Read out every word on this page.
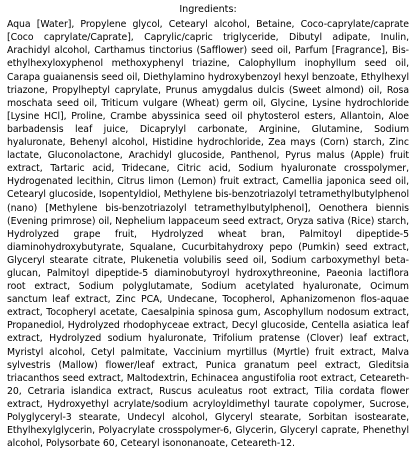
Ingredients:

Aqua [Water], Propylene glycol, Cetearyl alcohol, Betaine, Coco-caprylate/caprate [Coco caprylate/Caprate], Caprylic/capric triglyceride, Dibutyl adipate, Inulin, Arachidyl alcohol, Carthamus tinctorius (Safflower) seed oil, Parfum [Fragrance], Bis- ethylhexyloxyphenol methoxyphenyl triazine, Calophyllum inophyllum seed oil, Carapa guaianensis seed oil, Diethylamino hydroxybenzoyl hexyl benzoate, Ethylhexyl triazone, Propylheptyl caprylate, Prunus amygdalus dulcis (Sweet almond) oil, Rosa moschata seed oil, Triticum vulgare (Wheat) germ oil, Glycine, Lysine hydrochloride [Lysine HCl], Proline, Crambe abyssinica seed oil phytosterol esters, Allantoin, Aloe barbadensis leaf juice, Dicaprylyl carbonate, Arginine, Glutamine, Sodium hyaluronate, Behenyl alcohol, Histidine hydrochloride, Zea mays (Corn) starch, Zinc lactate, Gluconolactone, Arachidyl glucoside, Panthenol, Pyrus malus (Apple) fruit extract, Tartaric acid, Tridecane, Citric acid, Sodium hyaluronate crosspolymer, Hydrogenated lecithin, Citrus limon (Lemon) fruit extract, Camellia japonica seed oil, Cetearyl glucoside, Isopentyldiol, Methylene bis-benzotriazolyl tetramethylbutylphenol (nano) [Methylene bis-benzotriazolyl tetramethylbutylphenol], Oenothera biennis (Evening primrose) oil, Nephelium lappaceum seed extract, Oryza sativa (Rice) starch, Hydrolyzed grape fruit, Hydrolyzed wheat bran, Palmitoyl dipeptide-5 diaminohydroxybutyrate, Squalane, Cucurbitahydroxy pepo (Pumkin) seed extract, Glyceryl stearate citrate, Plukenetia volubilis seed oil, Sodium carboxymethyl beta-glucan, Palmitoyl dipeptide-5 diaminobutyroyl hydroxythreonine, Paeonia lactiflora root extract, Sodium polyglutamate, Sodium acetylated hyaluronate, Ocimum sanctum leaf extract, Zinc PCA, Undecane, Tocopherol, Aphanizomenon flos-aquae extract, Tocopheryl acetate, Caesalpinia spinosa gum, Ascophyllum nodosum extract, Propanediol, Hydrolyzed rhodophyceae extract, Decyl glucoside, Centella asiatica leaf extract, Hydrolyzed sodium hyaluronate, Trifolium pratense (Clover) leaf extract, Myristyl alcohol, Cetyl palmitate, Vaccinium myrtillus (Myrtle) fruit extract, Malva sylvestris (Mallow) flower/leaf extract, Punica granatum peel extract, Gleditsia triacanthos seed extract, Maltodextrin, Echinacea angustifolia root extract, Ceteareth- 20, Cetraria islandica extract, Ruscus aculeatus root extract, Tilia cordata flower extract, Hydroxyethyl acrylate/sodium acryloyldimethyl taurate copolymer, Sucrose, Polyglyceryl-3 stearate, Undecyl alcohol, Glyceryl stearate, Sorbitan isostearate, Ethylhexylglycerin, Polyacrylate crosspolymer-6, Glycerin, Glyceryl caprate, Phenethyl alcohol, Polysorbate 60, Cetearyl isononanoate, Ceteareth-12.
